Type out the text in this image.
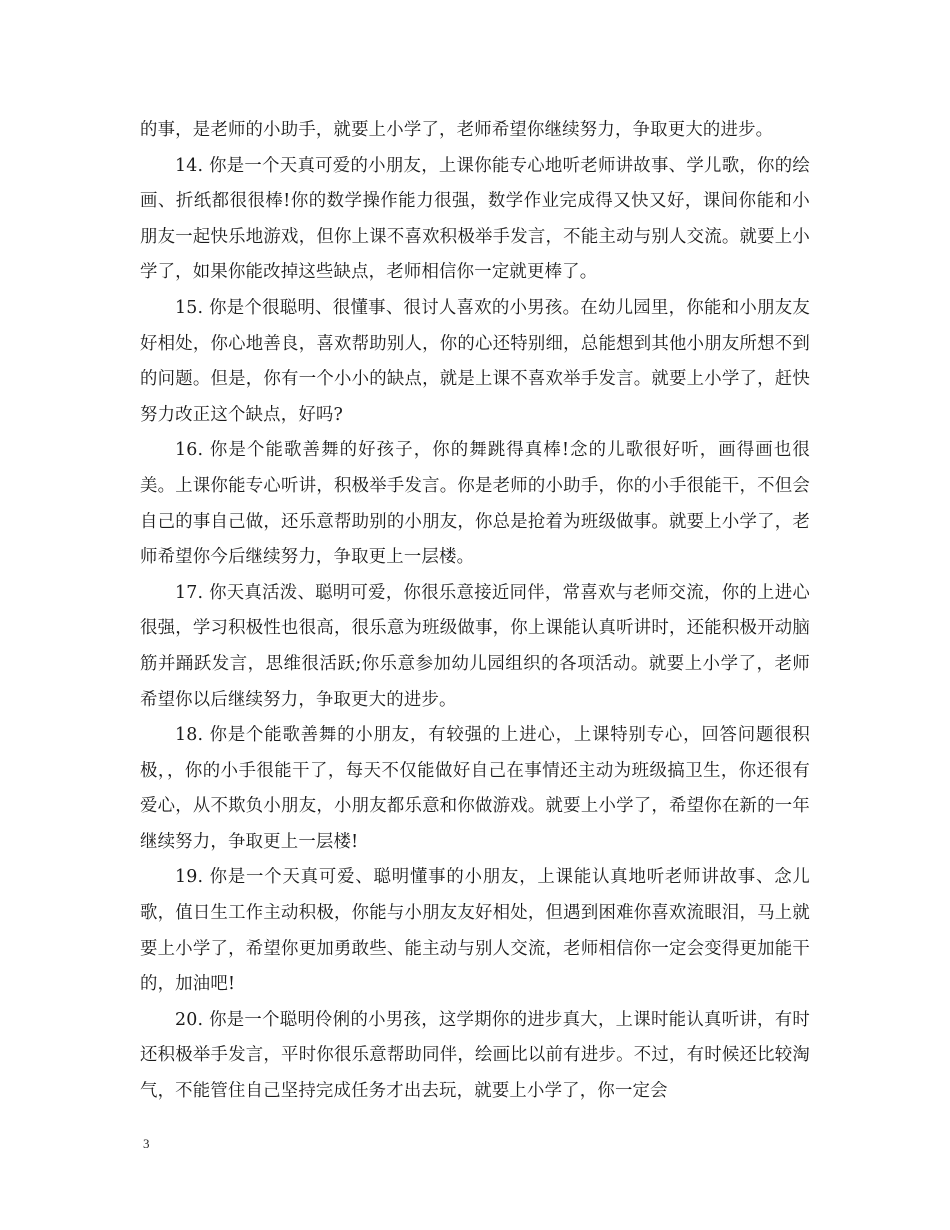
的事，是老师的小助手，就要上小学了，老师希望你继续努力，争取更大的进步。

14. 你是一个天真可爱的小朋友，上课你能专心地听老师讲故事、学儿歌，你的绘画、折纸都很很棒!你的数学操作能力很强，数学作业完成得又快又好，课间你能和小朋友一起快乐地游戏，但你上课不喜欢积极举手发言，不能主动与别人交流。就要上小学了，如果你能改掉这些缺点，老师相信你一定就更棒了。

15. 你是个很聪明、很懂事、很讨人喜欢的小男孩。在幼儿园里，你能和小朋友友好相处，你心地善良，喜欢帮助别人，你的心还特别细，总能想到其他小朋友所想不到的问题。但是，你有一个小小的缺点，就是上课不喜欢举手发言。就要上小学了，赶快努力改正这个缺点，好吗?

16. 你是个能歌善舞的好孩子，你的舞跳得真棒!念的儿歌很好听，画得画也很美。上课你能专心听讲，积极举手发言。你是老师的小助手，你的小手很能干，不但会自己的事自己做，还乐意帮助别的小朋友，你总是抢着为班级做事。就要上小学了，老师希望你今后继续努力，争取更上一层楼。

17. 你天真活泼、聪明可爱，你很乐意接近同伴，常喜欢与老师交流，你的上进心很强，学习积极性也很高，很乐意为班级做事，你上课能认真听讲时，还能积极开动脑筋并踊跃发言，思维很活跃;你乐意参加幼儿园组织的各项活动。就要上小学了，老师希望你以后继续努力，争取更大的进步。

18. 你是个能歌善舞的小朋友，有较强的上进心，上课特别专心，回答问题很积极，，你的小手很能干了，每天不仅能做好自己在事情还主动为班级搞卫生，你还很有爱心，从不欺负小朋友，小朋友都乐意和你做游戏。就要上小学了，希望你在新的一年继续努力，争取更上一层楼!

19. 你是一个天真可爱、聪明懂事的小朋友，上课能认真地听老师讲故事、念儿歌，值日生工作主动积极，你能与小朋友友好相处，但遇到困难你喜欢流眼泪，马上就要上小学了，希望你更加勇敢些、能主动与别人交流，老师相信你一定会变得更加能干的，加油吧!

20. 你是一个聪明伶俐的小男孩，这学期你的进步真大，上课时能认真听讲，有时还积极举手发言，平时你很乐意帮助同伴，绘画比以前有进步。不过，有时候还比较淘气，不能管住自己坚持完成任务才出去玩，就要上小学了，你一定会

3
